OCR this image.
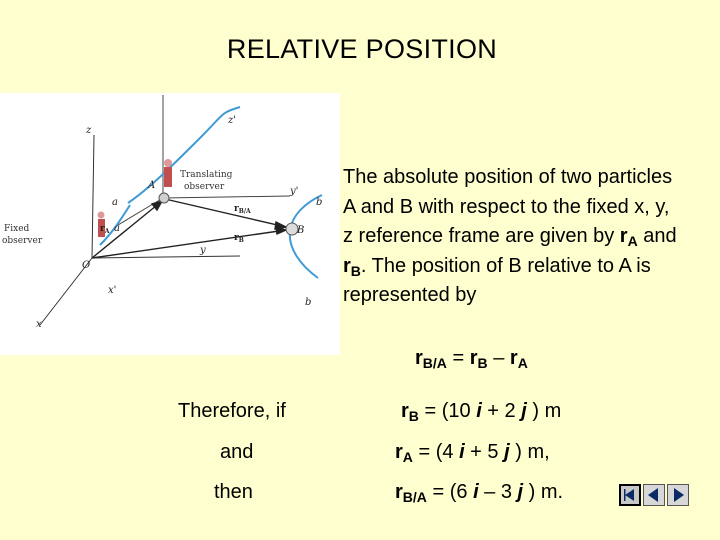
RELATIVE POSITION
z
z'
A
B
O
x
y
x'
y'
a
a
b
b
$r_A$
$r_{B/A}$
$r_B$
Fixed
observer
Translating
observer	The absolute position of two particles A and B with respect to the fixed x, y, z reference frame are given by $r_A$ and $r_B$. The position of B relative to A is represented by
$r_{B/A} = r_B - r_A$
Therefore, if	$r_B = (10$ i + 2 j ) m
and	$r_A = (4$ i + 5 j ) m,
then	$r_{B/A} = (6$ i – 3 j ) m.
